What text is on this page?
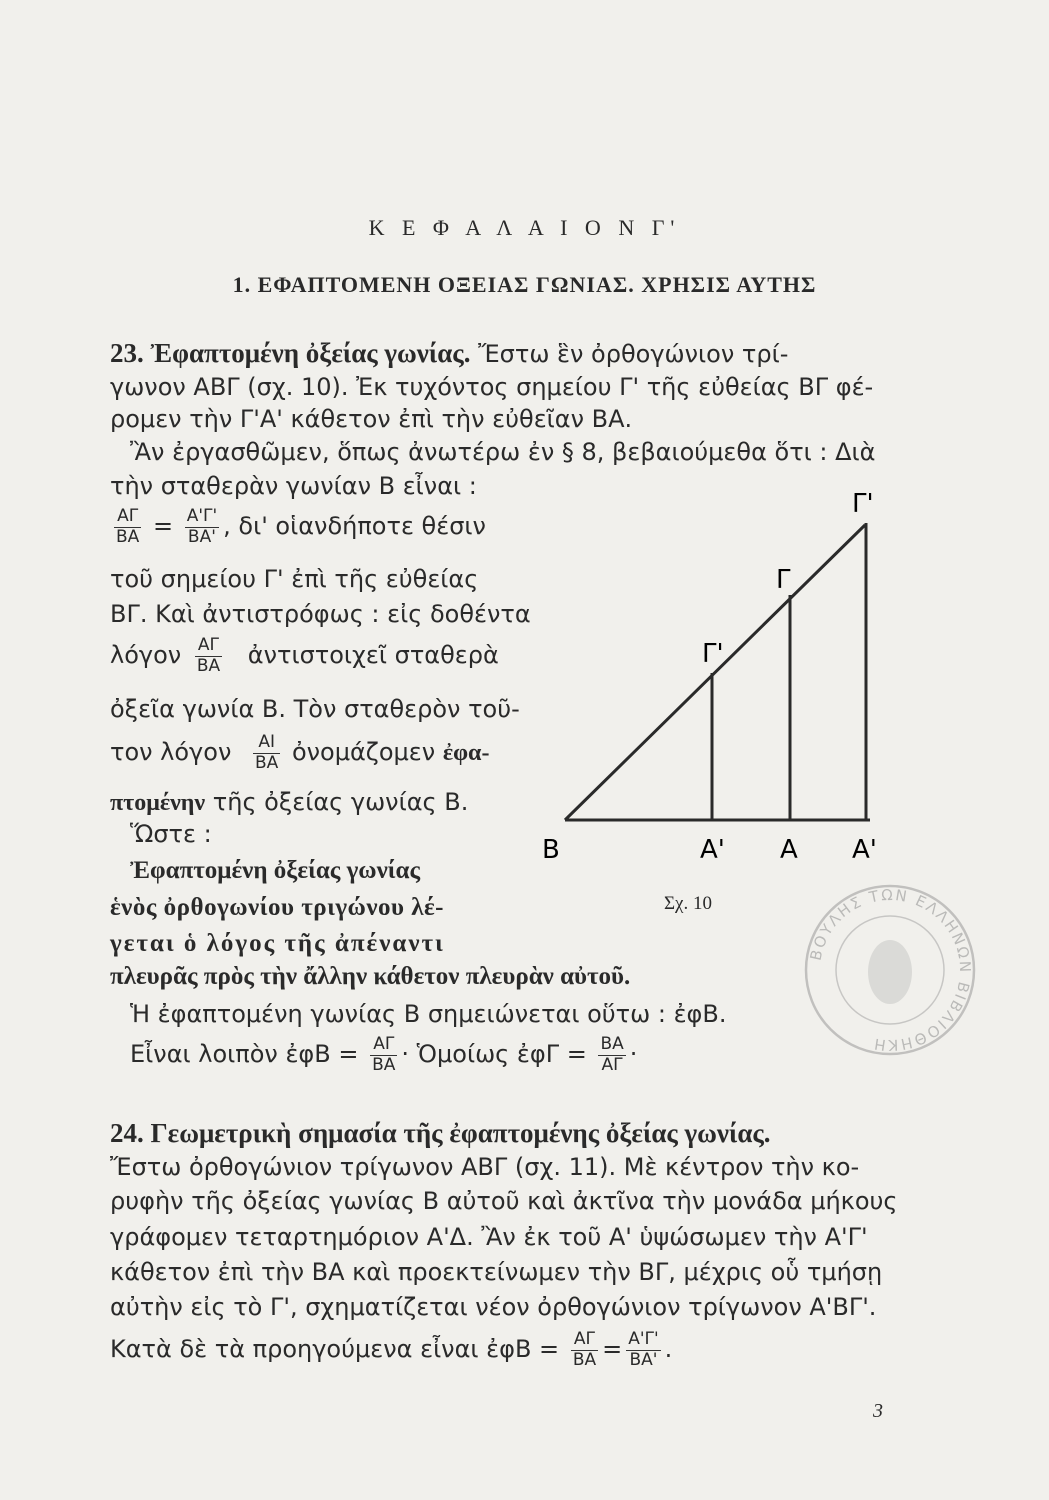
Κ Ε Φ Α Λ Α Ι Ο Ν Γ'
1. ΕΦΑΠΤΟΜΕΝΗ ΟΞΕΙΑΣ ΓΩΝΙΑΣ. ΧΡΗΣΙΣ ΑΥΤΗΣ
23. Ἐφαπτομένη ὀξείας γωνίας. Ἔστω ἓν ὀρθογώνιον τρί-
γωνον ΑΒΓ (σχ. 10). Ἐκ τυχόντος σημείου Γ' τῆς εὐθείας ΒΓ φέ-
ρομεν τὴν Γ'Α' κάθετον ἐπὶ τὴν εὐθεῖαν ΒΑ.
Ἂν ἐργασθῶμεν, ὅπως ἀνωτέρω ἐν § 8, βεβαιούμεθα ὅτι : Διὰ
τὴν σταθερὰν γωνίαν Β εἶναι :
$\frac{A\Gamma}{BA} = \frac{A'\Gamma'}{BA'}$ , δι' οἱανδήποτε θέσιν
τοῦ σημείου Γ' ἐπὶ τῆς εὐθείας
ΒΓ. Καὶ ἀντιστρόφως : εἰς δοθέντα
λόγον $\frac{A\Gamma}{BA}$ ἀντιστοιχεῖ σταθερὰ
ὀξεῖα γωνία Β. Τὸν σταθερὸν τοῦ-
τον λόγον $\frac{AI}{BA}$ ὀνομάζομεν ἐφα-
πτομένην τῆς ὀξείας γωνίας Β.
Ὥστε :
Ἐφαπτομένη ὀξείας γωνίας
ἑνὸς ὀρθογωνίου τριγώνου λέ-
γεται ὁ λόγος τῆς ἀπέναντι
πλευρᾶς πρὸς τὴν ἄλλην κάθετον πλευρὰν αὐτοῦ.
Ἡ ἐφαπτομένη γωνίας Β σημειώνεται οὕτω : ἐφΒ.
Εἶναι λοιπὸν ἐφΒ = $\frac{A\Gamma}{BA}$ · Ὁμοίως ἐφΓ = $\frac{BA}{A\Gamma}$ ·
Γ'
Γ
Γ'
Β	Α' Α Α'
Σχ. 10
ΒΟΥΛΗΣ ΤΩΝ ΕΛΛΗΝΩΝ ΒΙΒΛΙΟΘΗΚΗ
24. Γεωμετρικὴ σημασία τῆς ἐφαπτομένης ὀξείας γωνίας.
Ἔστω ὀρθογώνιον τρίγωνον ΑΒΓ (σχ. 11). Μὲ κέντρον τὴν κο-
ρυφὴν τῆς ὀξείας γωνίας Β αὐτοῦ καὶ ἀκτῖνα τὴν μονάδα μήκους
γράφομεν τεταρτημόριον Α'Δ. Ἂν ἐκ τοῦ Α' ὑψώσωμεν τὴν Α'Γ'
κάθετον ἐπὶ τὴν ΒΑ καὶ προεκτείνωμεν τὴν ΒΓ, μέχρις οὗ τμήσῃ
αὐτὴν εἰς τὸ Γ', σχηματίζεται νέον ὀρθογώνιον τρίγωνον Α'ΒΓ'.
Κατὰ δὲ τὰ προηγούμενα εἶναι ἐφΒ = $\frac{A\Gamma}{BA} = \frac{A'\Gamma'}{BA'}$ .
3
